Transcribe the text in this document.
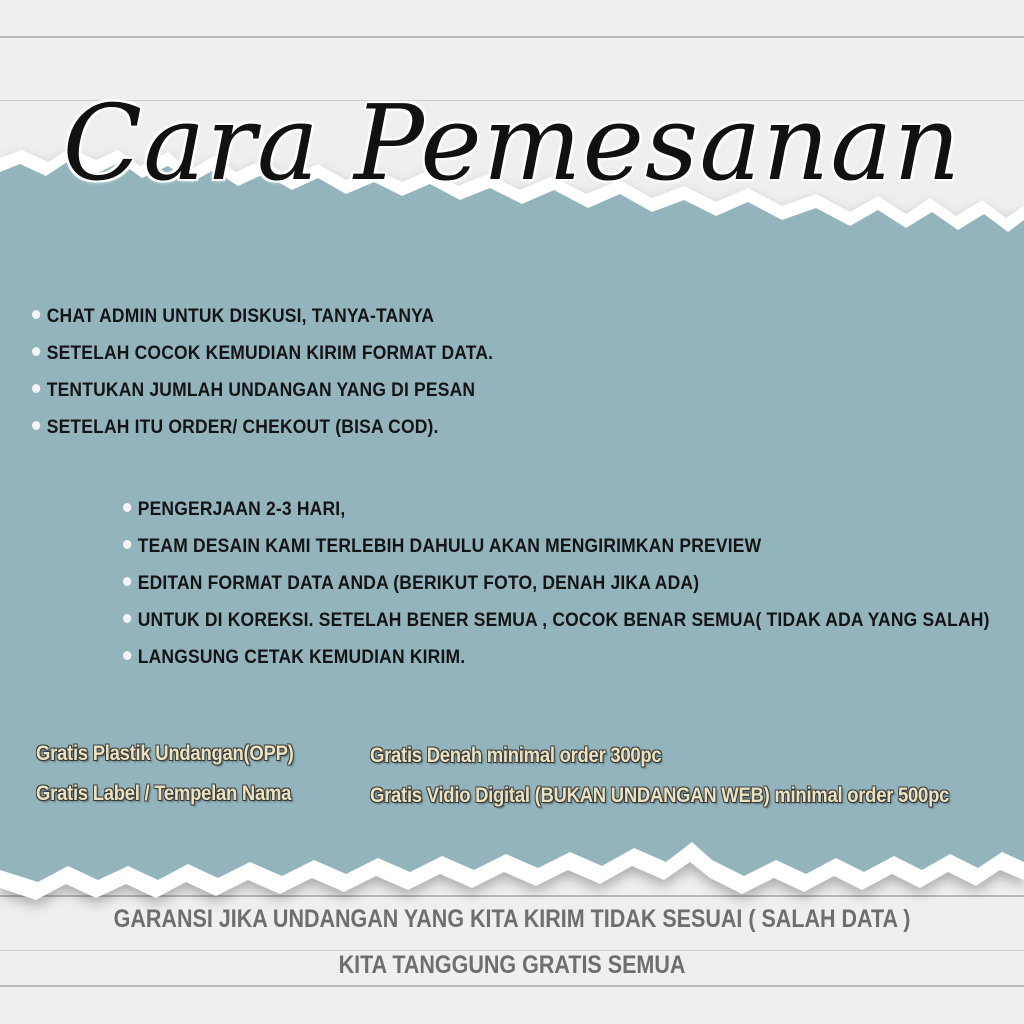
Cara Pemesanan
CHAT ADMIN UNTUK DISKUSI, TANYA-TANYA
SETELAH COCOK KEMUDIAN KIRIM FORMAT DATA.
TENTUKAN JUMLAH UNDANGAN YANG DI PESAN
SETELAH ITU ORDER/ CHEKOUT (BISA COD).
PENGERJAAN 2-3 HARI,
TEAM DESAIN KAMI TERLEBIH DAHULU AKAN MENGIRIMKAN PREVIEW
EDITAN FORMAT DATA ANDA (BERIKUT FOTO, DENAH JIKA ADA)
UNTUK DI KOREKSI. SETELAH BENER SEMUA , COCOK BENAR SEMUA( TIDAK ADA YANG SALAH)
LANGSUNG CETAK KEMUDIAN KIRIM.
Gratis Plastik Undangan(OPP)
Gratis Label / Tempelan Nama
Gratis Denah minimal order 300pc
Gratis Vidio Digital (BUKAN UNDANGAN WEB) minimal order 500pc
GARANSI JIKA UNDANGAN YANG KITA KIRIM TIDAK SESUAI ( SALAH DATA )
KITA TANGGUNG GRATIS SEMUA
